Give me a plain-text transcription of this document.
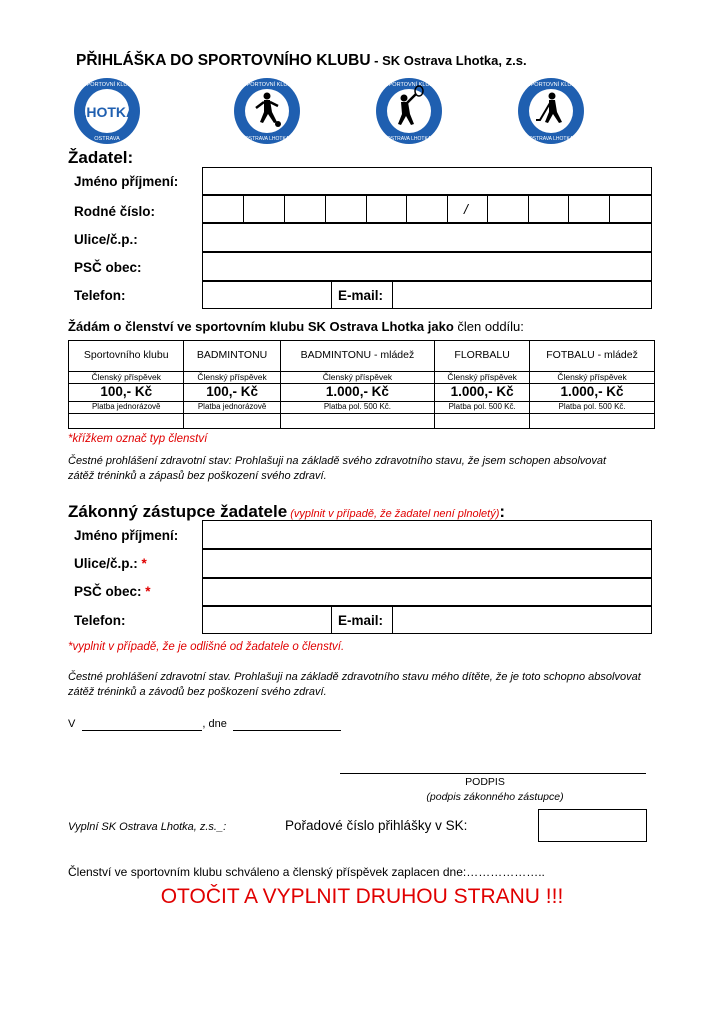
PŘIHLÁŠKA DO SPORTOVNÍHO KLUBU - SK Ostrava Lhotka, z.s.
LHOTKA
OSTRAVA
SPORTOVNÍ KLUB	SPORTOVNÍ KLUB
OSTRAVA LHOTKA
SPORTOVNÍ KLUB
OSTRAVA LHOTKA
SPORTOVNÍ KLUB
OSTRAVA LHOTKA
Žadatel:
Jméno příjmení:
Rodné číslo:	/
Ulice/č.p.:
PSČ obec:
Telefon:	E-mail:
Žádám o členství ve sportovním klubu SK Ostrava Lhotka jako člen oddílu:
Sportovního klubu	BADMINTONU	BADMINTONU - mládež	FLORBALU	FOTBALU - mládež
Členský příspěvek	Členský příspěvek	Členský příspěvek	Členský příspěvek	Členský příspěvek
100,- Kč	100,- Kč	1.000,- Kč	1.000,- Kč	1.000,- Kč
Platba jednorázově	Platba jednorázově	Platba pol. 500 Kč.	Platba pol. 500 Kč.	Platba pol. 500 Kč.

*křížkem označ typ členství
Čestné prohlášení zdravotní stav: Prohlašuji na základě svého zdravotního stavu, že jsem schopen absolvovat zátěž tréninků a zápasů bez poškození svého zdraví.
Zákonný zástupce žadatele (vyplnit v případě, že žadatel není plnoletý):
Jméno příjmení:
Ulice/č.p.: *
PSČ obec: *
Telefon:	E-mail:
*vyplnit v případě, že je odlišné od žadatele o členství.
Čestné prohlášení zdravotní stav. Prohlašuji na základě zdravotního stavu mého dítěte, že je toto schopno absolvovat zátěž tréninků a závodů bez poškození svého zdraví.
V	, dne
PODPIS
(podpis zákonného zástupce)
Vyplní SK Ostrava Lhotka, z.s._:	Pořadové číslo přihlášky v SK:
Členství ve sportovním klubu schváleno a členský příspěvek zaplacen dne:………………..
OTOČIT A VYPLNIT DRUHOU STRANU !!!
